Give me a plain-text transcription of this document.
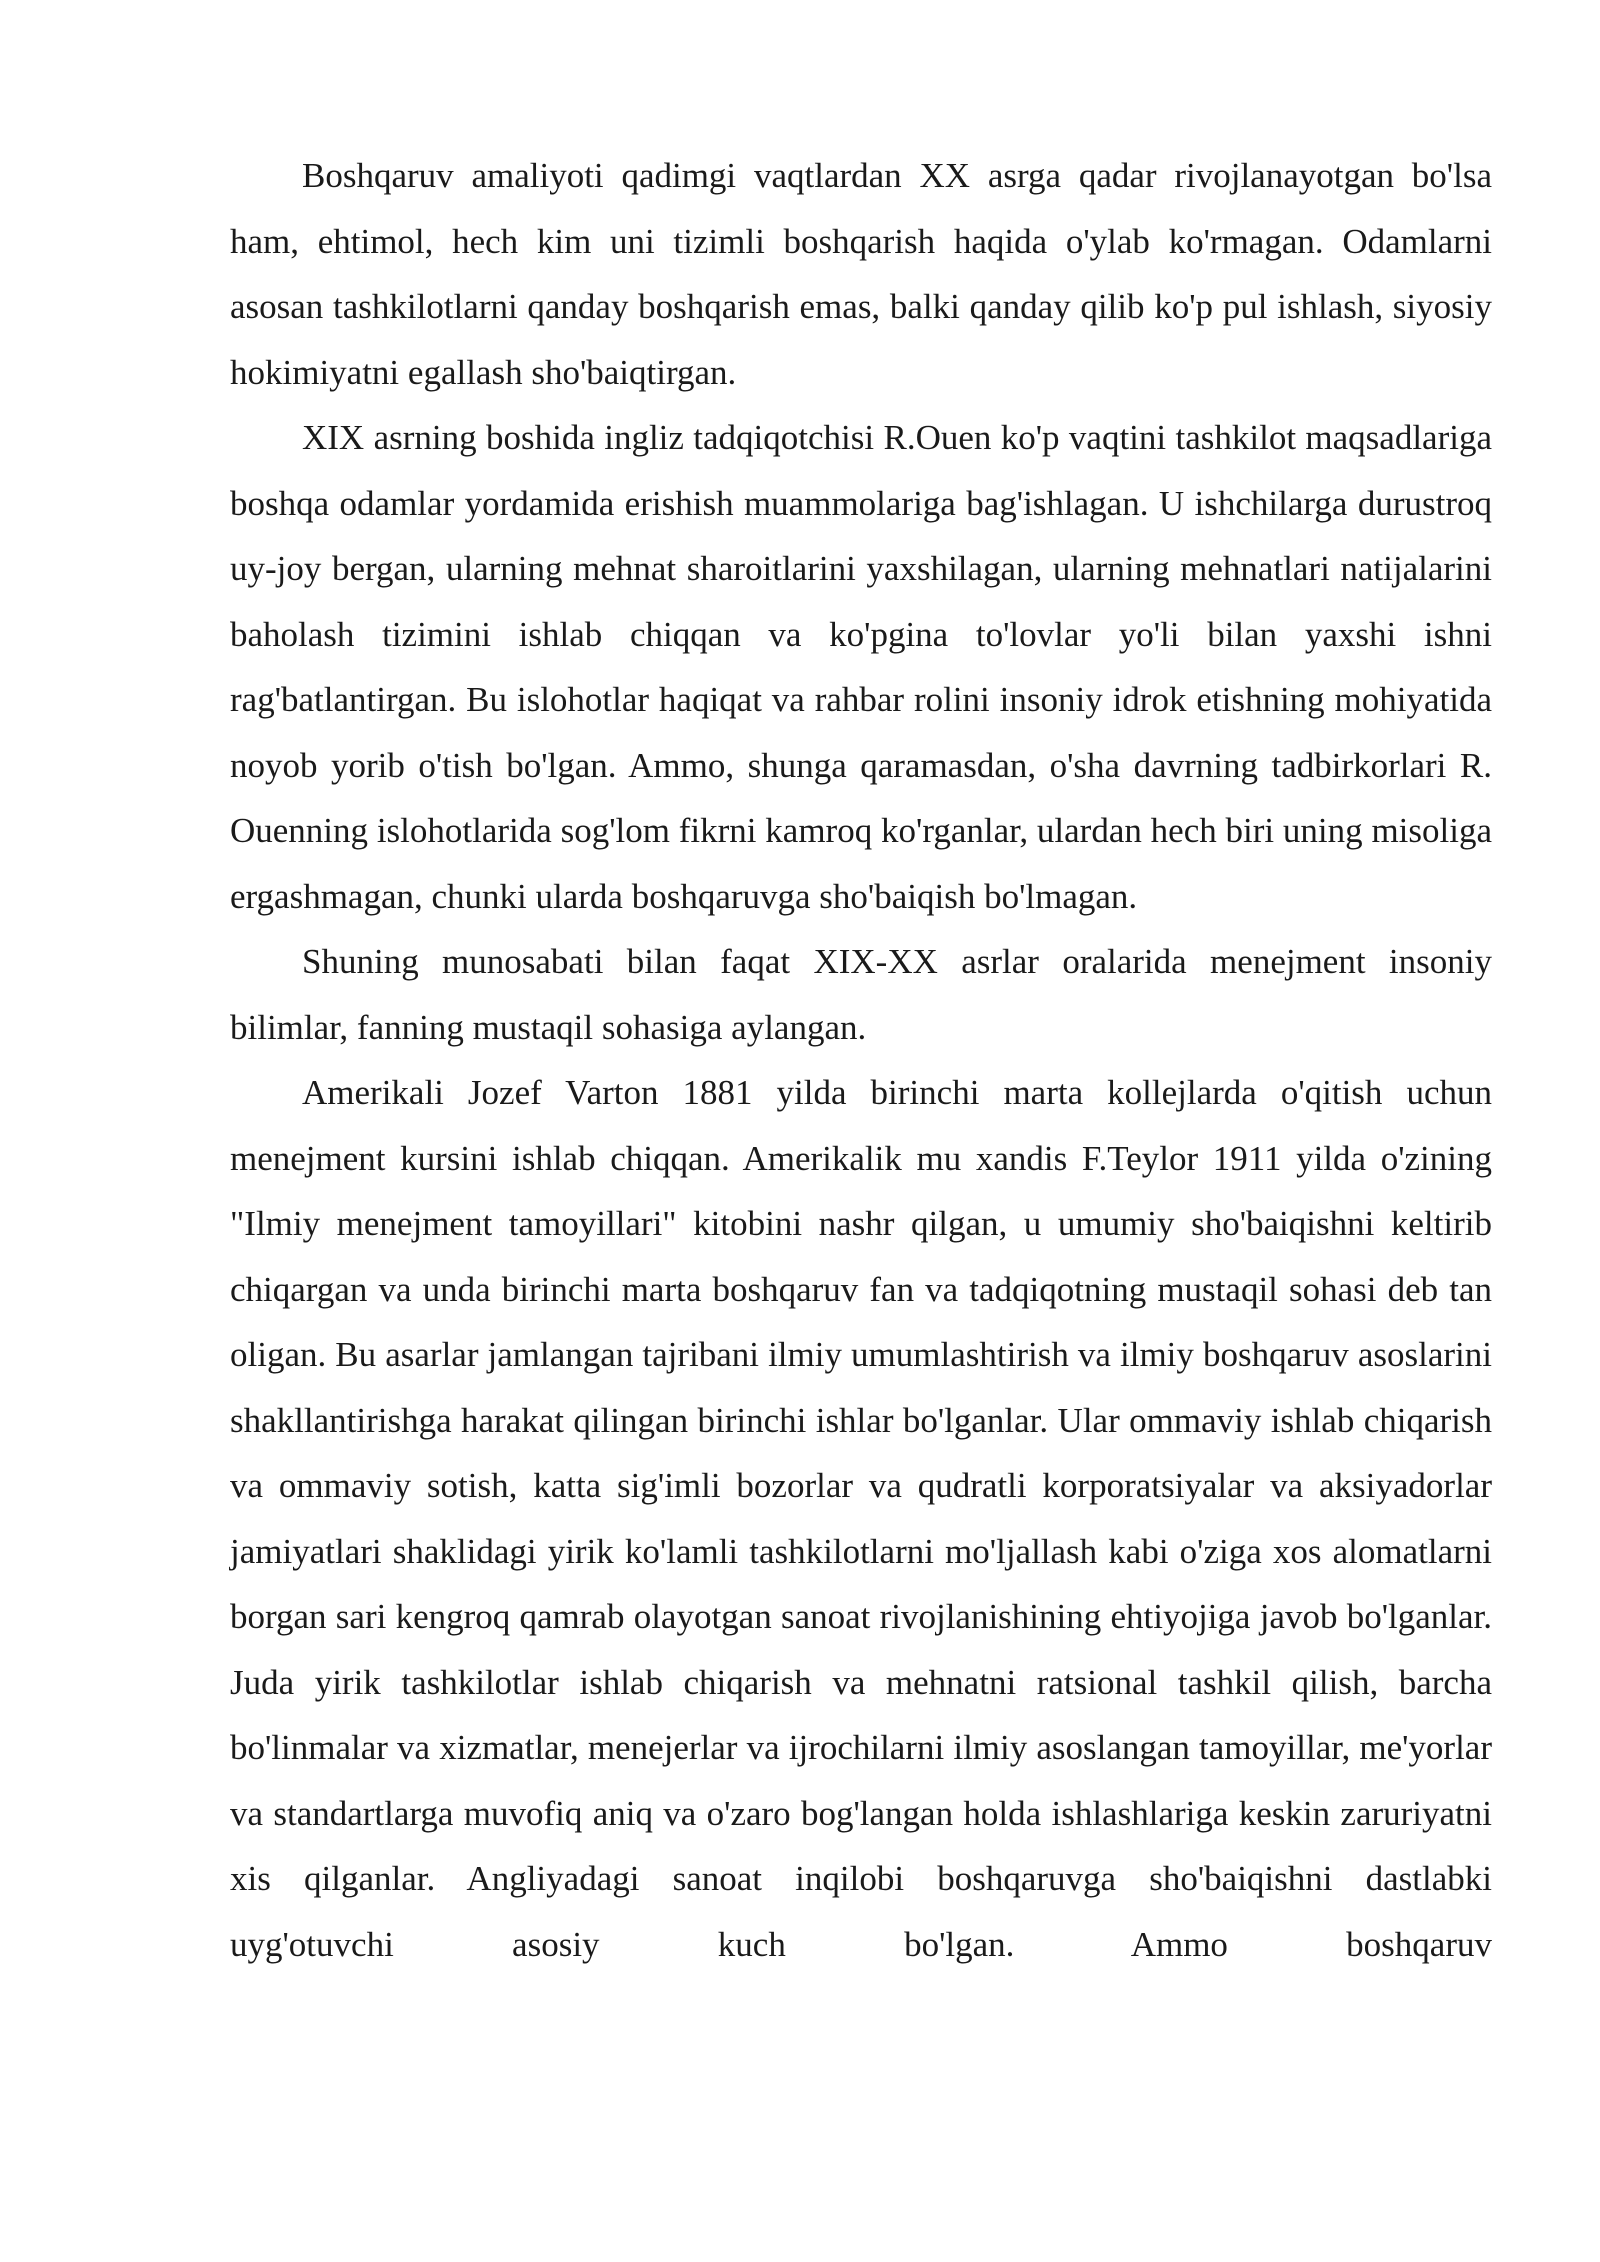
Boshqaruv amaliyoti qadimgi vaqtlardan XX asrga qadar rivojlanayotgan bo'lsa ham, ehtimol, hech kim uni tizimli boshqarish haqida o'ylab ko'rmagan. Odamlarni asosan tashkilotlarni qanday boshqarish emas, balki qanday qilib ko'p pul ishlash, siyosiy hokimiyatni egallash sho'baiqtirgan.

XIX asrning boshida ingliz tadqiqotchisi R.Ouen ko'p vaqtini tashkilot maqsadlariga boshqa odamlar yordamida erishish muammolariga bag'ishlagan. U ishchilarga durustroq uy-joy bergan, ularning mehnat sharoitlarini yaxshilagan, ularning mehnatlari natijalarini baholash tizimini ishlab chiqqan va ko'pgina to'lovlar yo'li bilan yaxshi ishni rag'batlantirgan. Bu islohotlar haqiqat va rahbar rolini insoniy idrok etishning mohiyatida noyob yorib o'tish bo'lgan. Ammo, shunga qaramasdan, o'sha davrning tadbirkorlari R. Ouenning islohotlarida sog'lom fikrni kamroq ko'rganlar, ulardan hech biri uning misoliga ergashmagan, chunki ularda boshqaruvga sho'baiqish bo'lmagan.

Shuning munosabati bilan faqat XIX-XX asrlar oralarida menejment insoniy bilimlar, fanning mustaqil sohasiga aylangan.

Amerikali Jozef Varton 1881 yilda birinchi marta kollejlarda o'qitish uchun menejment kursini ishlab chiqqan. Amerikalik mu xandis F.Teylor 1911 yilda o'zining "Ilmiy menejment tamoyillari" kitobini nashr qilgan, u umumiy sho'baiqishni keltirib chiqargan va unda birinchi marta boshqaruv fan va tadqiqotning mustaqil sohasi deb tan oligan. Bu asarlar jamlangan tajribani ilmiy umumlashtirish va ilmiy boshqaruv asoslarini shakllantirishga harakat qilingan birinchi ishlar bo'lganlar. Ular ommaviy ishlab chiqarish va ommaviy sotish, katta sig'imli bozorlar va qudratli korporatsiyalar va aksiyadorlar jamiyatlari shaklidagi yirik ko'lamli tashkilotlarni mo'ljallash kabi o'ziga xos alomatlarni borgan sari kengroq qamrab olayotgan sanoat rivojlanishining ehtiyojiga javob bo'lganlar. Juda yirik tashkilotlar ishlab chiqarish va mehnatni ratsional tashkil qilish, barcha bo'linmalar va xizmatlar, menejerlar va ijrochilarni ilmiy asoslangan tamoyillar, me'yorlar va standartlarga muvofiq aniq va o'zaro bog'langan holda ishlashlariga keskin zaruriyatni xis qilganlar. Angliyadagi sanoat inqilobi boshqaruvga sho'baiqishni dastlabki uyg'otuvchi asosiy kuch bo'lgan. Ammo boshqaruv
